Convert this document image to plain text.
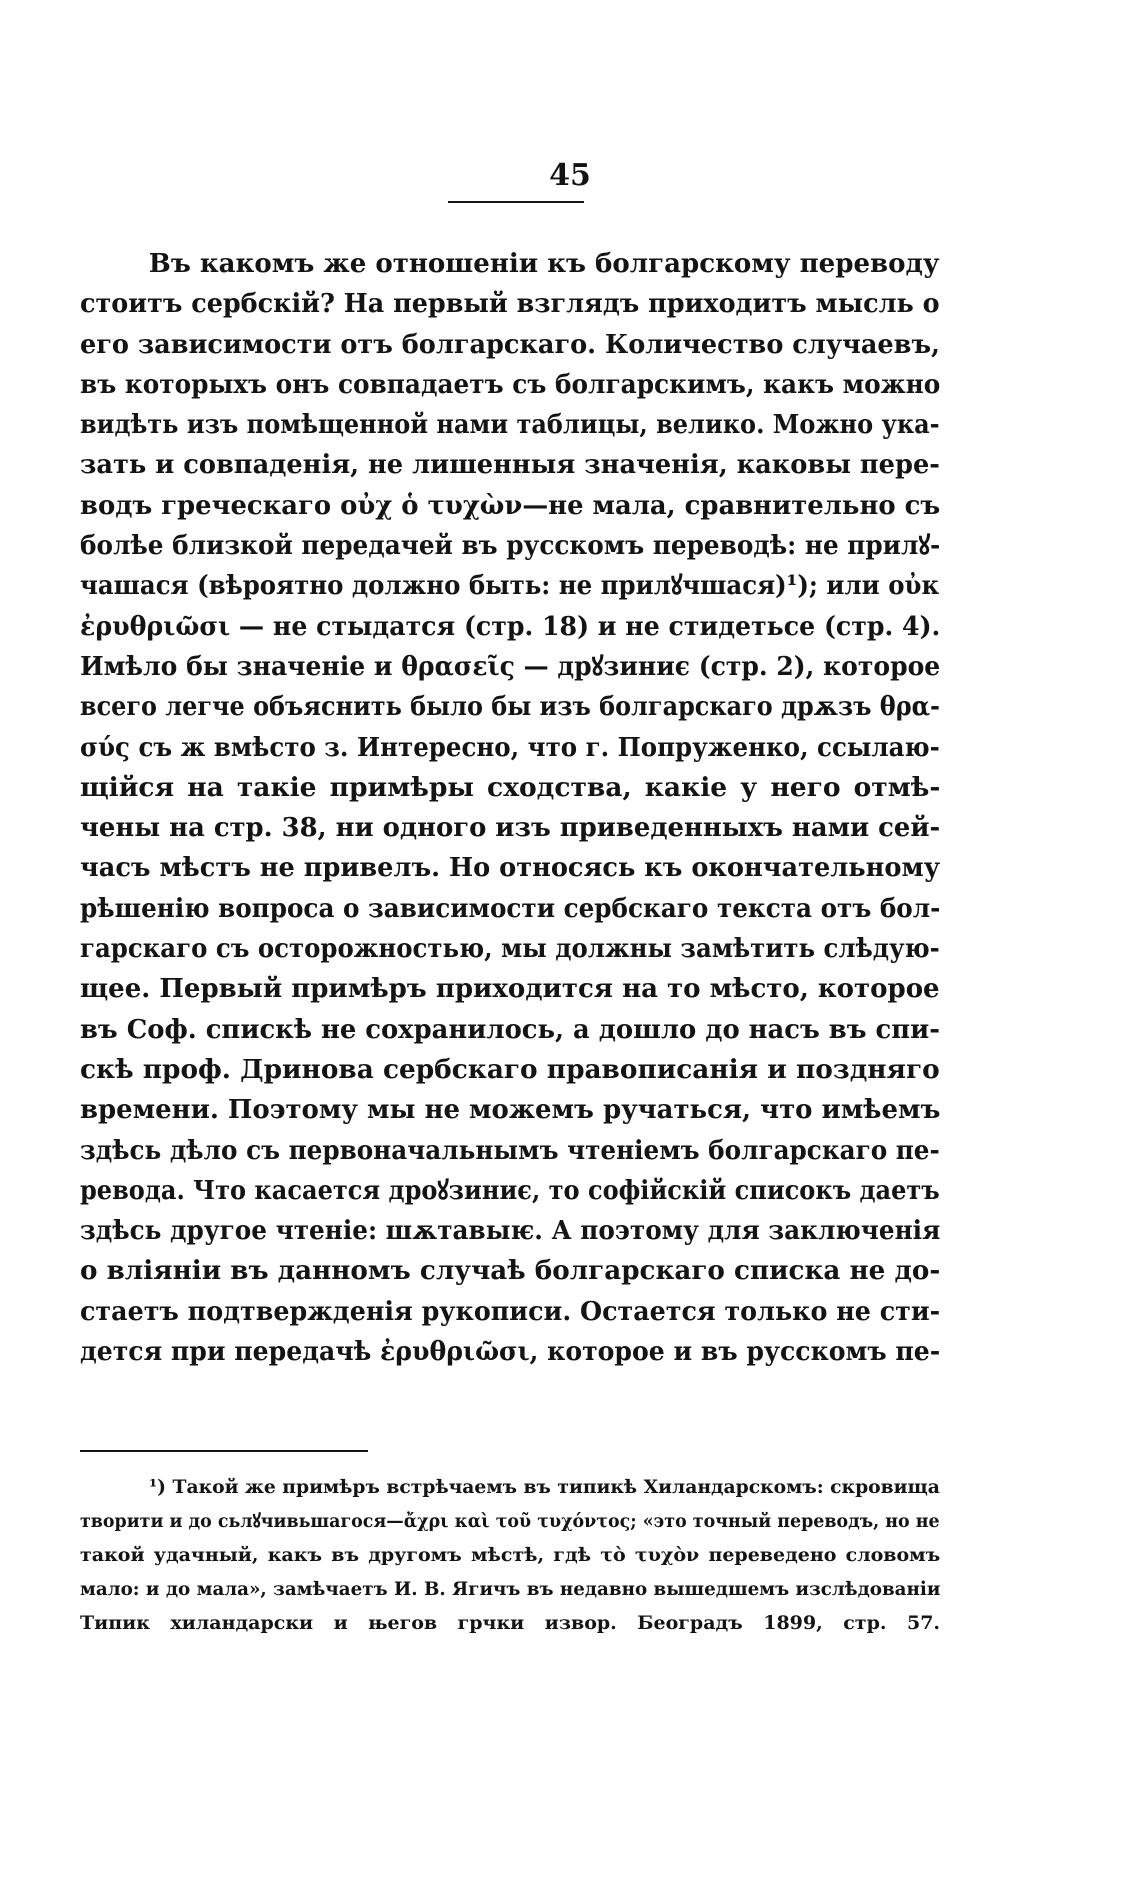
45
Въ какомъ же отношеніи къ болгарскому переводу
стоитъ сербскій? На первый взглядъ приходитъ мысль о
его зависимости отъ болгарскаго. Количество случаевъ,
въ которыхъ онъ совпадаетъ съ болгарскимъ, какъ можно
видѣть изъ помѣщенной нами таблицы, велико. Можно ука-
зать и совпаденія, не лишенныя значенія, каковы пере-
водъ греческаго οὐχ ὁ τυχὼν—не мала, сравнительно съ
болѣе близкой передачей въ русскомъ переводѣ: не прилꙋ-
чашася (вѣроятно должно быть: не прилꙋчшася)¹); или οὐκ
ἐρυθριῶσι — не стыдатся (стр. 18) и не стидетьсе (стр. 4).
Имѣло бы значеніе и θρασεῖς — дрꙋзиниє (стр. 2), которое
всего легче объяснить было бы изъ болгарскаго дрѫзъ θρα-
σύς съ ж вмѣсто з. Интересно, что г. Попруженко, ссылаю-
щійся на такіе примѣры сходства, какіе у него отмѣ-
чены на стр. 38, ни одного изъ приведенныхъ нами сей-
часъ мѣстъ не привелъ. Но относясь къ окончательному
рѣшенію вопроса о зависимости сербскаго текста отъ бол-
гарскаго съ осторожностью, мы должны замѣтить слѣдую-
щее. Первый примѣръ приходится на то мѣсто, которое
въ Соф. спискѣ не сохранилось, а дошло до насъ въ спи-
скѣ проф. Дринова сербскаго правописанія и поздняго
времени. Поэтому мы не можемъ ручаться, что имѣемъ
здѣсь дѣло съ первоначальнымъ чтеніемъ болгарскаго пе-
ревода. Что касается дроꙋзиниє, то софійскій списокъ даетъ
здѣсь другое чтеніе: шѫтавыѥ. А поэтому для заключенія
о вліяніи въ данномъ случаѣ болгарскаго списка не до-
стаетъ подтвержденія рукописи. Остается только не сти-
дется при передачѣ ἐρυθριῶσι, которое и въ русскомъ пе-
¹) Такой же примѣръ встрѣчаемъ въ типикѣ Хиландарскомъ: скровища
творити и до сьлꙋчивьшагося—ἄχρι καὶ τοῦ τυχόντος; «это точный переводъ, но не
такой удачный, какъ въ другомъ мѣстѣ, гдѣ τὸ τυχὸν переведено словомъ
мало: и до мала», замѣчаетъ И. В. Ягичъ въ недавно вышедшемъ изслѣдованіи
Типик хиландарски и његов грчки извор. Београдъ 1899, стр. 57.
